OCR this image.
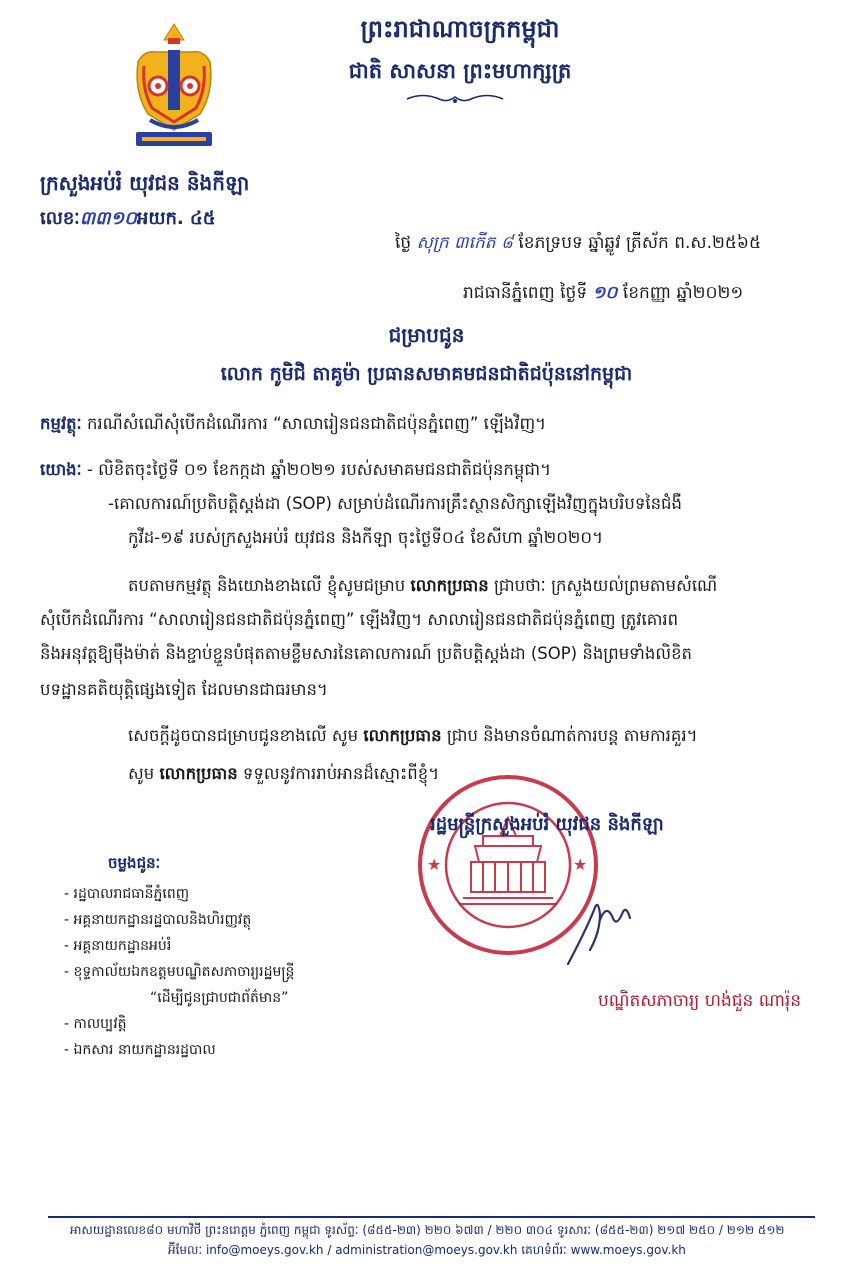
ព្រះរាជាណាចក្រកម្ពុជា
ជាតិ សាសនា ព្រះមហាក្សត្រ
ក្រសួងអប់រំ យុវជន និងកីឡា
លេខៈ៣៣១០អយក. ៤៥
ថ្ងៃ សុក្រ ៣កើត ៨ ខែភទ្របទ ឆ្នាំឆ្លូវ ត្រីស័ក ព.ស.២៥៦៥
រាជធានីភ្នំពេញ ថ្ងៃទី ១០ ខែកញ្ញា ឆ្នាំ២០២១
ជម្រាបជូន
លោក កូមិជិ តាគូម៉ា ប្រធានសមាគមជនជាតិជប៉ុននៅកម្ពុជា
កម្មវត្ថុៈ ករណីសំណើសុំបើកដំណើរការ “សាលារៀនជនជាតិជប៉ុនភ្នំពេញ” ឡើងវិញ។
យោងៈ - លិខិតចុះថ្ងៃទី ០១ ខែកក្កដា ឆ្នាំ២០២១ របស់សមាគមជនជាតិជប៉ុនកម្ពុជា។
-គោលការណ៍ប្រតិបត្តិស្តង់ដា (SOP) សម្រាប់ដំណើរការគ្រឹះស្ថានសិក្សាឡើងវិញក្នុងបរិបទនៃជំងឺ
កូវីដ-១៩ របស់ក្រសួងអប់រំ យុវជន និងកីឡា ចុះថ្ងៃទី០៤ ខែសីហា ឆ្នាំ២០២០។
តបតាមកម្មវត្ថុ និងយោងខាងលើ ខ្ញុំសូមជម្រាប លោកប្រធាន ជ្រាបថាៈ ក្រសួងយល់ព្រមតាមសំណើ
សុំបើកដំណើរការ “សាលារៀនជនជាតិជប៉ុនភ្នំពេញ” ឡើងវិញ។ សាលារៀនជនជាតិជប៉ុនភ្នំពេញ ត្រូវគោរព
និងអនុវត្តឱ្យម៉ឺងម៉ាត់ និងខ្ជាប់ខ្ជួនបំផុតតាមខ្លឹមសារនៃគោលការណ៍ ប្រតិបត្តិស្តង់ដា (SOP) និងព្រមទាំងលិខិត
បទដ្ឋានគតិយុត្តិផ្សេងទៀត ដែលមានជាធរមាន។
សេចក្តីដូចបានជម្រាបជូនខាងលើ សូម លោកប្រធាន ជ្រាប និងមានចំណាត់ការបន្ត តាមការគួរ។
សូម លោកប្រធាន ទទួលនូវការរាប់អានដ៏ស្មោះពីខ្ញុំ។
★	★
រដ្ឋមន្ត្រីក្រសួងអប់រំ យុវជន និងកីឡា
បណ្ឌិតសភាចារ្យ ហង់ជួន ណារ៉ុន
ចម្លងជូនៈ
- រដ្ឋបាលរាជធានីភ្នំពេញ
- អគ្គនាយកដ្ឋានរដ្ឋបាលនិងហិរញ្ញវត្ថុ
- អគ្គនាយកដ្ឋានអប់រំ
- ខុទ្ទកាល័យឯកឧត្តមបណ្ឌិតសភាចារ្យរដ្ឋមន្ត្រី
“ដើម្បីជូនជ្រាបជាព័ត៌មាន”
- កាលប្បវត្តិ
- ឯកសារ នាយកដ្ឋានរដ្ឋបាល
អាសយដ្ឋានលេខ៨០ មហាវិថី ព្រះនរោត្តម ភ្នំពេញ កម្ពុជា ទូរស័ព្ទៈ (៨៥៥-២៣) ២២០ ៦៧៣ / ២២០ ៣០៤ ទូរសារៈ (៨៥៥-២៣) ២១៧ ២៥០ / ២១២ ៥១២
អ៊ីមែលៈ info@moeys.gov.kh / administration@moeys.gov.kh គេហទំព័រៈ www.moeys.gov.kh
